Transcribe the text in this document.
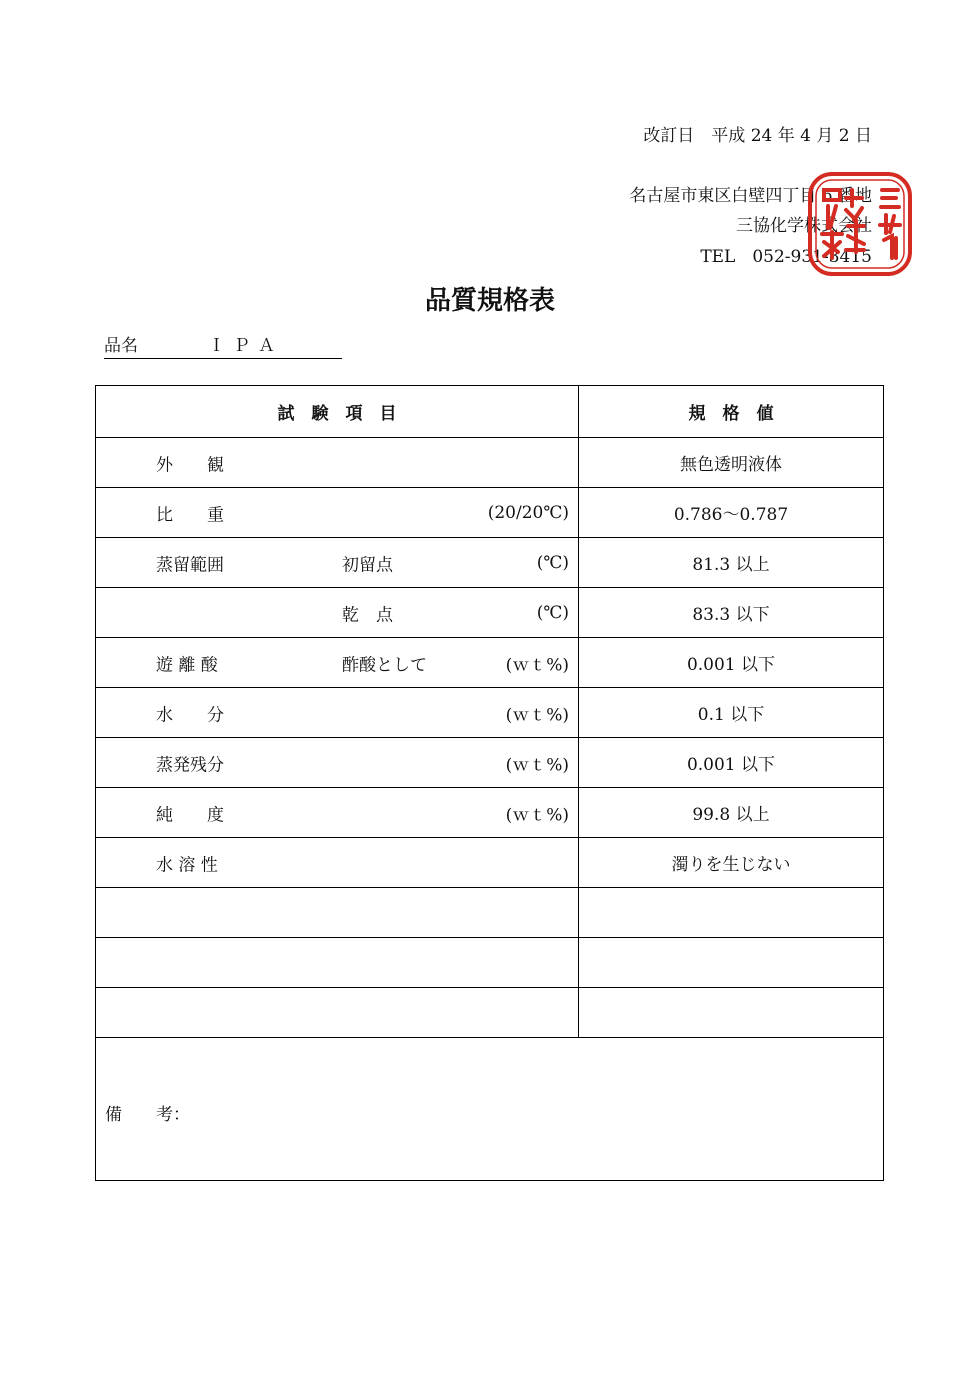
改訂日　平成 24 年 4 月 2 日
名古屋市東区白壁四丁目 6 番地
三協化学株式会社
TEL　052-931-3415
品質規格表
品名	ＩＰＡ
試　験　項　目	規　格　値

外　　観	無色透明液体

比　　重 (20/20℃)	0.786～0.787

蒸留範囲 初留点 (℃)	81.3 以上

乾　点 (℃)	83.3 以下

遊 離 酸 酢酸として (ｗｔ%)	0.001 以下

水　　分 (ｗｔ%)	0.1 以下

蒸発残分 (ｗｔ%)	0.001 以下

純　　度 (ｗｔ%)	99.8 以上

水 溶 性	濁りを生じない

備　　考：	
